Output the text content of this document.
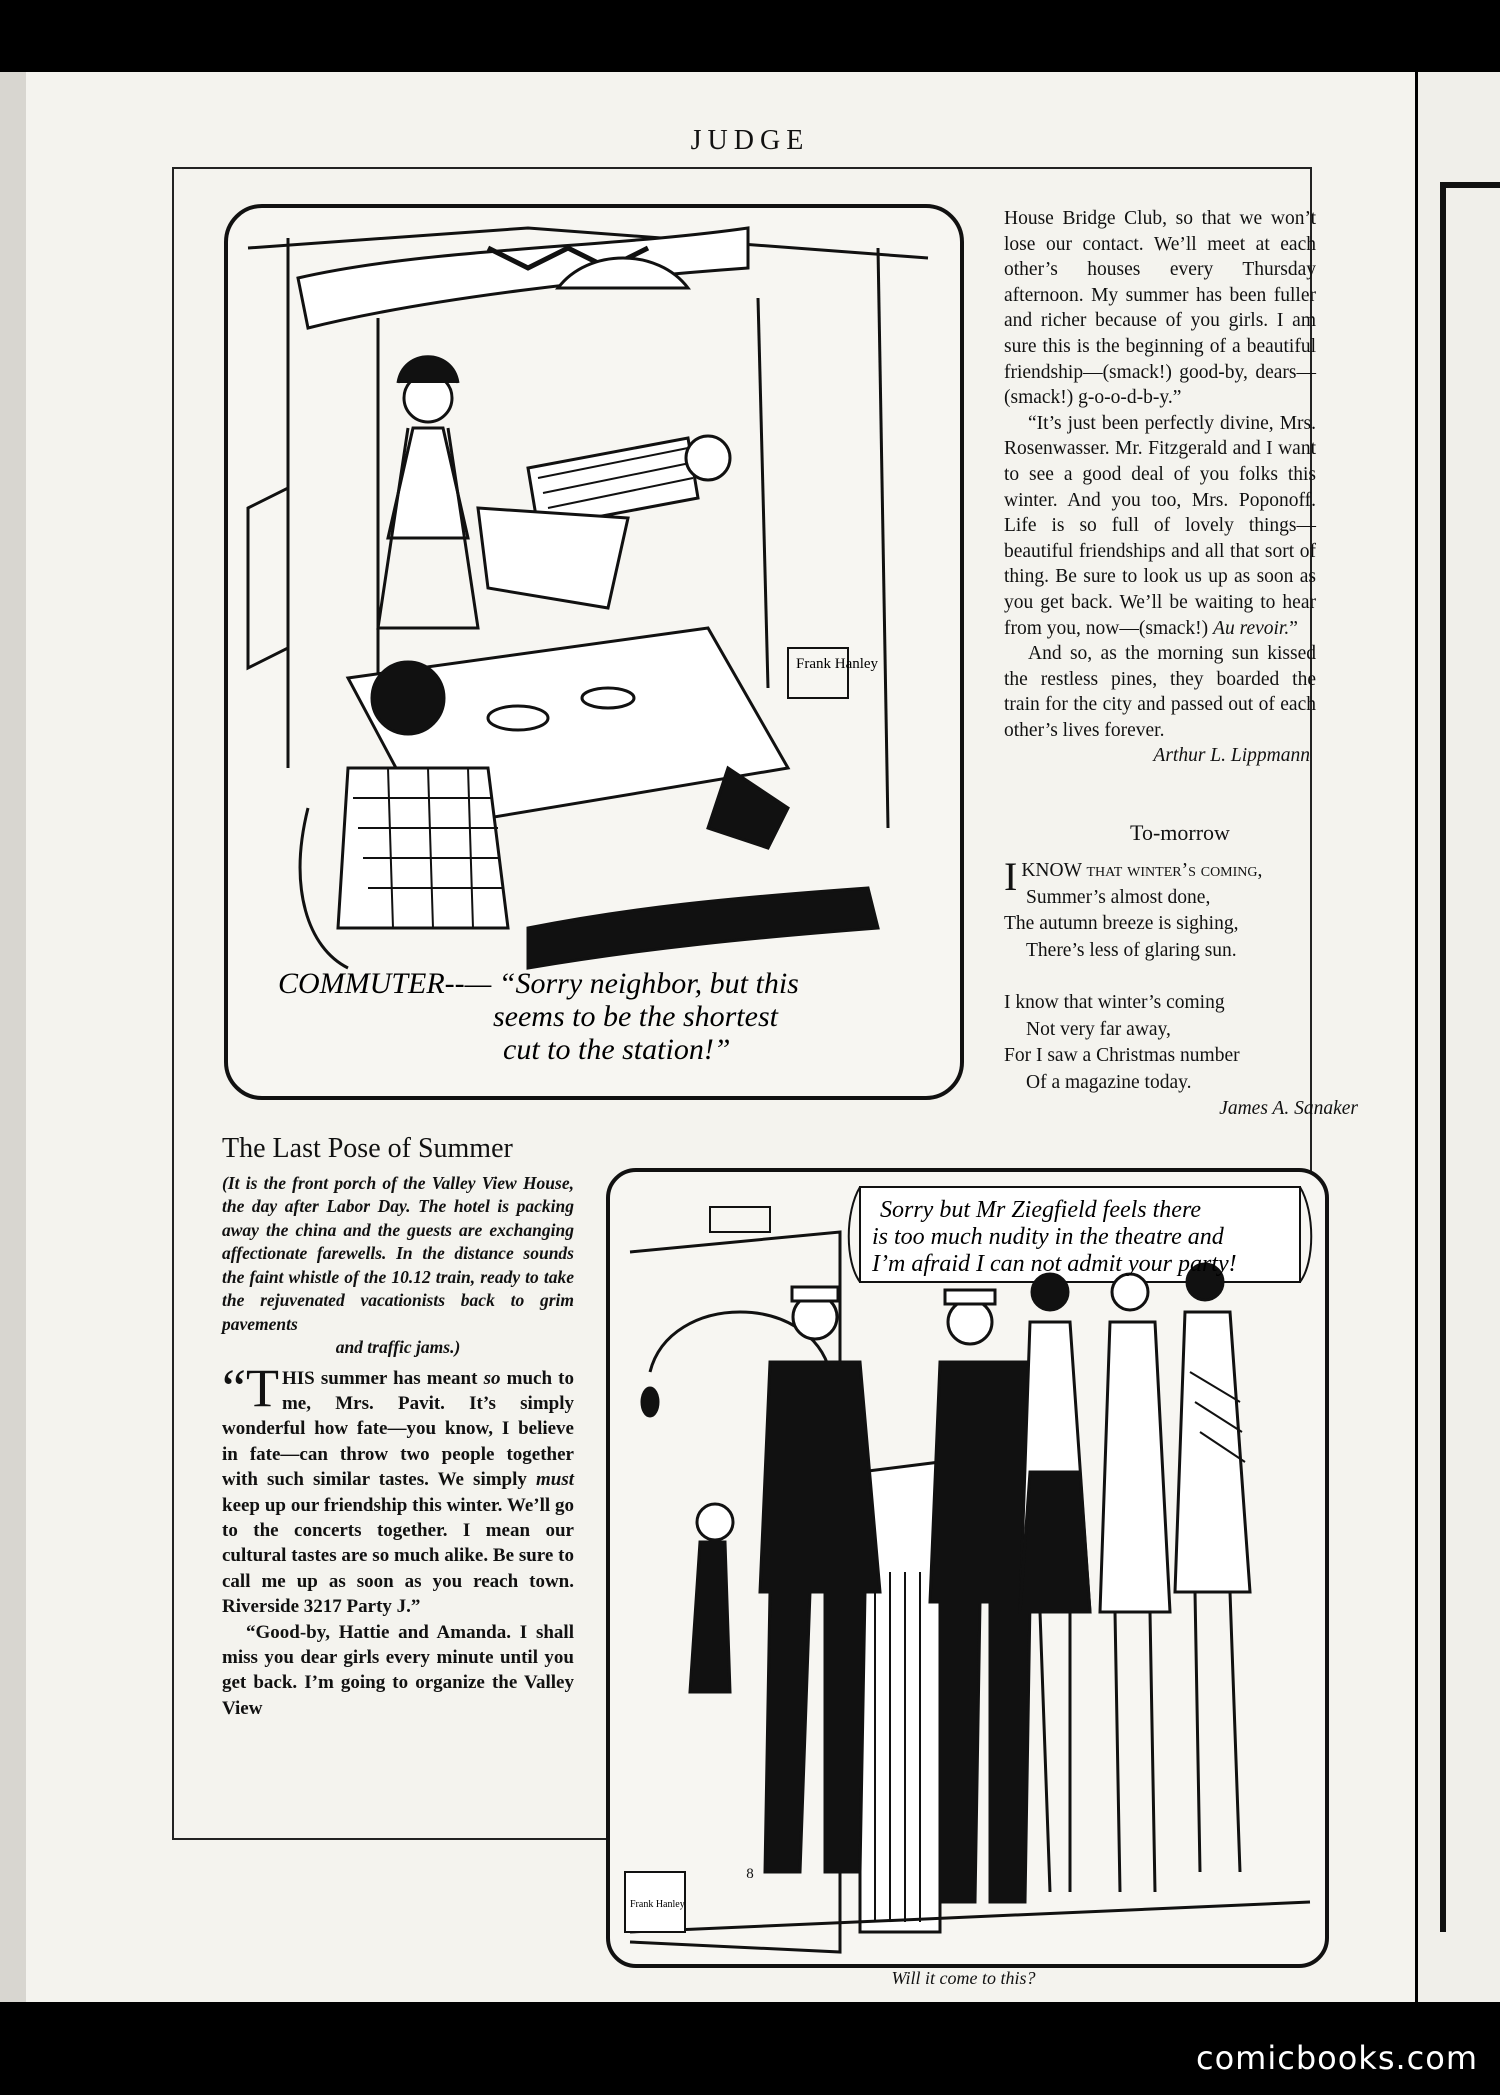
JUDGE
Frank Hanley
COMMUTER--— “Sorry neighbor, but this
seems to be the shortest
cut to the station!”

House Bridge Club, so that we won’t lose our contact. We’ll meet at each other’s houses every Thursday afternoon. My summer has been fuller and richer because of you girls. I am sure this is the beginning of a beautiful friendship—(smack!) good-by, dears—(smack!) g-o-o-d-b-y.”

“It’s just been perfectly divine, Mrs. Rosenwasser. Mr. Fitzgerald and I want to see a good deal of you folks this winter. And you too, Mrs. Poponoff. Life is so full of lovely things—beautiful friendships and all that sort of thing. Be sure to look us up as soon as you get back. We’ll be waiting to hear from you, now—(smack!) Au revoir.”

And so, as the morning sun kissed the restless pines, they boarded the train for the city and passed out of each other’s lives forever.

Arthur L. Lippmann

To-morrow

IKNOW that winter’s coming,

Summer’s almost done,

The autumn breeze is sighing,

There’s less of glaring sun.

I know that winter’s coming

Not very far away,

For I saw a Christmas number

Of a magazine today.

James A. Sanaker

The Last Pose of Summer

(It is the front porch of the Valley View House, the day after Labor Day. The hotel is packing away the china and the guests are exchanging affectionate farewells. In the distance sounds the faint whistle of the 10.12 train, ready to take the rejuvenated vacationists back to grim pavements

and traffic jams.)

“THIS summer has meant so much to me, Mrs. Pavit. It’s simply wonderful how fate—you know, I believe in fate—can throw two people together with such similar tastes. We simply must keep up our friendship this winter. We’ll go to the concerts together. I mean our cultural tastes are so much alike. Be sure to call me up as soon as you reach town. Riverside 3217 Party J.”

“Good-by, Hattie and Amanda. I shall miss you dear girls every minute until you get back. I’m going to organize the Valley View

Sorry but Mr Ziegfield feels there
is too much nudity in the theatre and
I’m afraid I can not admit your party!
Frank Hanley
Will it come to this?
8
comicbooks.com
